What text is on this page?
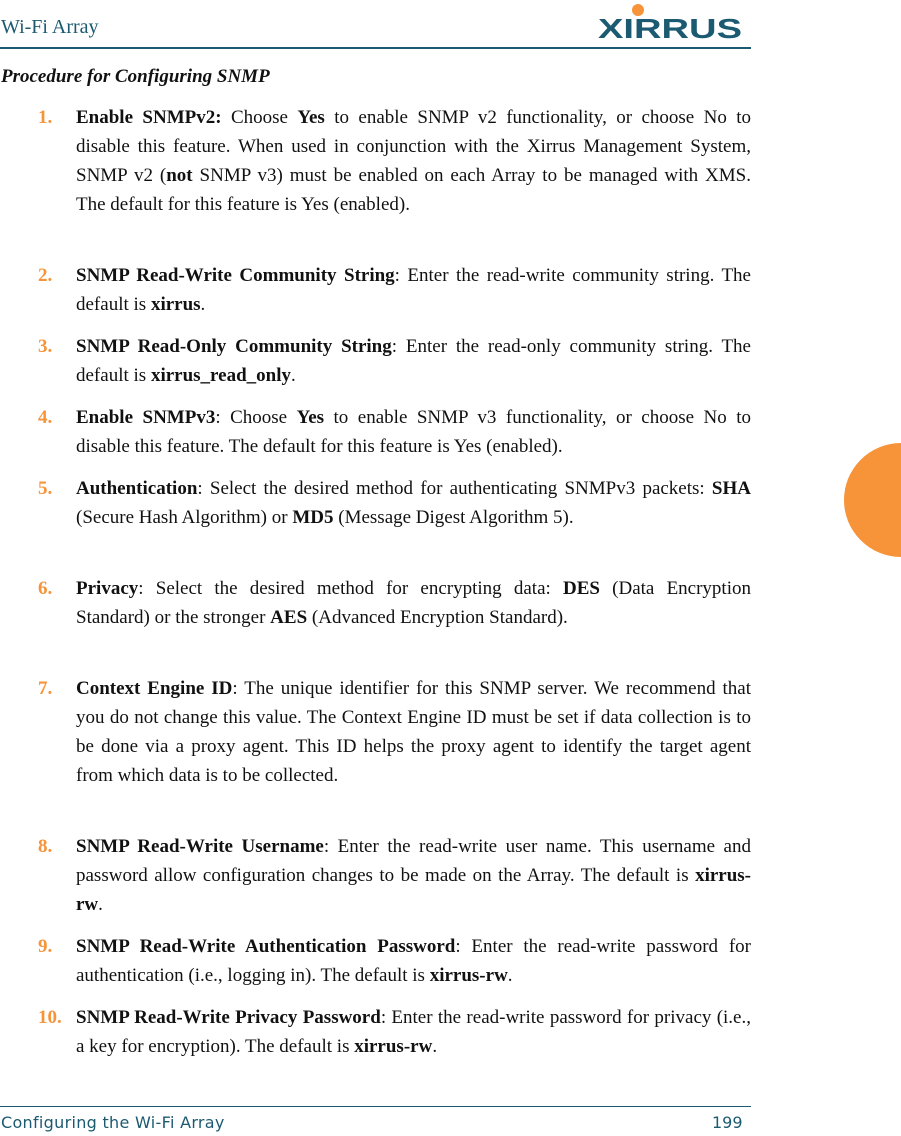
Wi-Fi Array	XIRRUS
Procedure for Configuring SNMP
1. Enable SNMPv2: Choose Yes to enable SNMP v2 functionality, or choose No to disable this feature. When used in conjunction with the Xirrus Management System, SNMP v2 (not SNMP v3) must be enabled on each Array to be managed with XMS. The default for this feature is Yes (enabled).
2. SNMP Read-Write Community String: Enter the read-write community string. The default is xirrus.
3. SNMP Read-Only Community String: Enter the read-only community string. The default is xirrus_read_only.
4. Enable SNMPv3: Choose Yes to enable SNMP v3 functionality, or choose No to disable this feature. The default for this feature is Yes (enabled).
5. Authentication: Select the desired method for authenticating SNMPv3 packets: SHA (Secure Hash Algorithm) or MD5 (Message Digest Algorithm 5).
6. Privacy: Select the desired method for encrypting data: DES (Data Encryption Standard) or the stronger AES (Advanced Encryption Standard).
7. Context Engine ID: The unique identifier for this SNMP server. We recommend that you do not change this value. The Context Engine ID must be set if data collection is to be done via a proxy agent. This ID helps the proxy agent to identify the target agent from which data is to be collected.
8. SNMP Read-Write Username: Enter the read-write user name. This username and password allow configuration changes to be made on the Array. The default is xirrus-rw.
9. SNMP Read-Write Authentication Password: Enter the read-write password for authentication (i.e., logging in). The default is xirrus-rw.
10. SNMP Read-Write Privacy Password: Enter the read-write password for privacy (i.e., a key for encryption). The default is xirrus-rw.
Configuring the Wi-Fi Array	199
